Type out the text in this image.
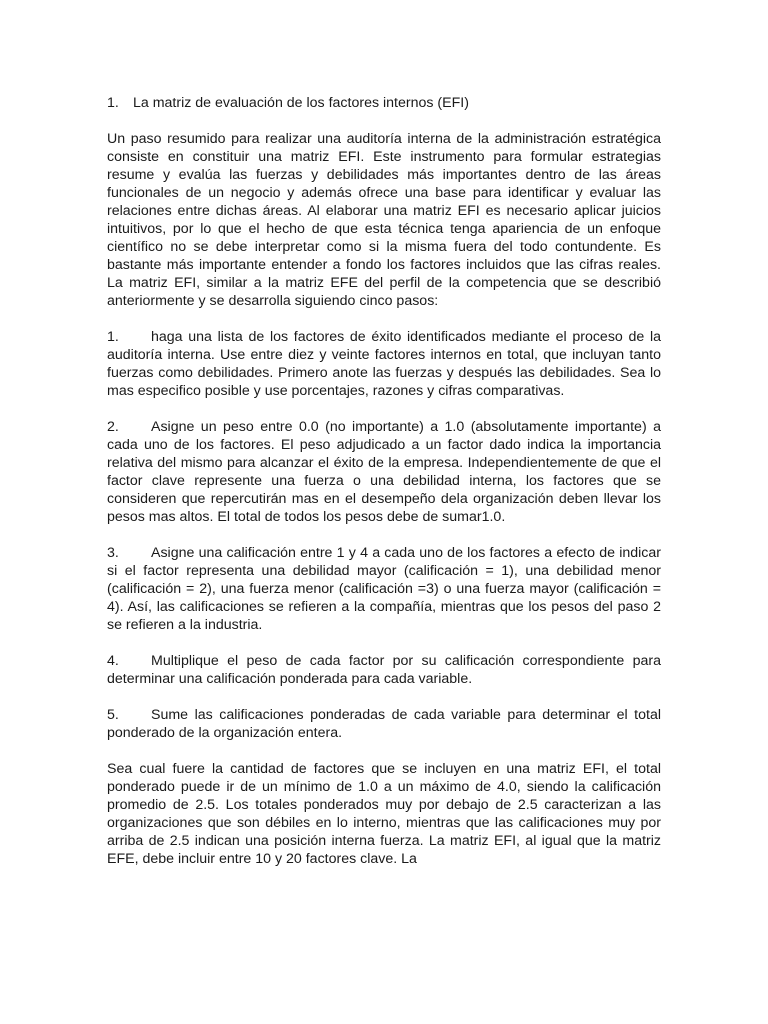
1. La matriz de evaluación de los factores internos (EFI)

Un paso resumido para realizar una auditoría interna de la administración estratégica consiste en constituir una matriz EFI. Este instrumento para formular estrategias resume y evalúa las fuerzas y debilidades más importantes dentro de las áreas funcionales de un negocio y además ofrece una base para identificar y evaluar las relaciones entre dichas áreas. Al elaborar una matriz EFI es necesario aplicar juicios intuitivos, por lo que el hecho de que esta técnica tenga apariencia de un enfoque científico no se debe interpretar como si la misma fuera del todo contundente. Es bastante más importante entender a fondo los factores incluidos que las cifras reales. La matriz EFI, similar a la matriz EFE del perfil de la competencia que se describió anteriormente y se desarrolla siguiendo cinco pasos:

1. haga una lista de los factores de éxito identificados mediante el proceso de la auditoría interna. Use entre diez y veinte factores internos en total, que incluyan tanto fuerzas como debilidades. Primero anote las fuerzas y después las debilidades. Sea lo mas especifico posible y use porcentajes, razones y cifras comparativas.

2. Asigne un peso entre 0.0 (no importante) a 1.0 (absolutamente importante) a cada uno de los factores. El peso adjudicado a un factor dado indica la importancia relativa del mismo para alcanzar el éxito de la empresa. Independientemente de que el factor clave represente una fuerza o una debilidad interna, los factores que se consideren que repercutirán mas en el desempeño dela organización deben llevar los pesos mas altos. El total de todos los pesos debe de sumar1.0.

3. Asigne una calificación entre 1 y 4 a cada uno de los factores a efecto de indicar si el factor representa una debilidad mayor (calificación = 1), una debilidad menor (calificación = 2), una fuerza menor (calificación =3) o una fuerza mayor (calificación = 4). Así, las calificaciones se refieren a la compañía, mientras que los pesos del paso 2 se refieren a la industria.

4. Multiplique el peso de cada factor por su calificación correspondiente para determinar una calificación ponderada para cada variable.

5. Sume las calificaciones ponderadas de cada variable para determinar el total ponderado de la organización entera.

Sea cual fuere la cantidad de factores que se incluyen en una matriz EFI, el total ponderado puede ir de un mínimo de 1.0 a un máximo de 4.0, siendo la calificación promedio de 2.5. Los totales ponderados muy por debajo de 2.5 caracterizan a las organizaciones que son débiles en lo interno, mientras que las calificaciones muy por arriba de 2.5 indican una posición interna fuerza. La matriz EFI, al igual que la matriz EFE, debe incluir entre 10 y 20 factores clave. La
